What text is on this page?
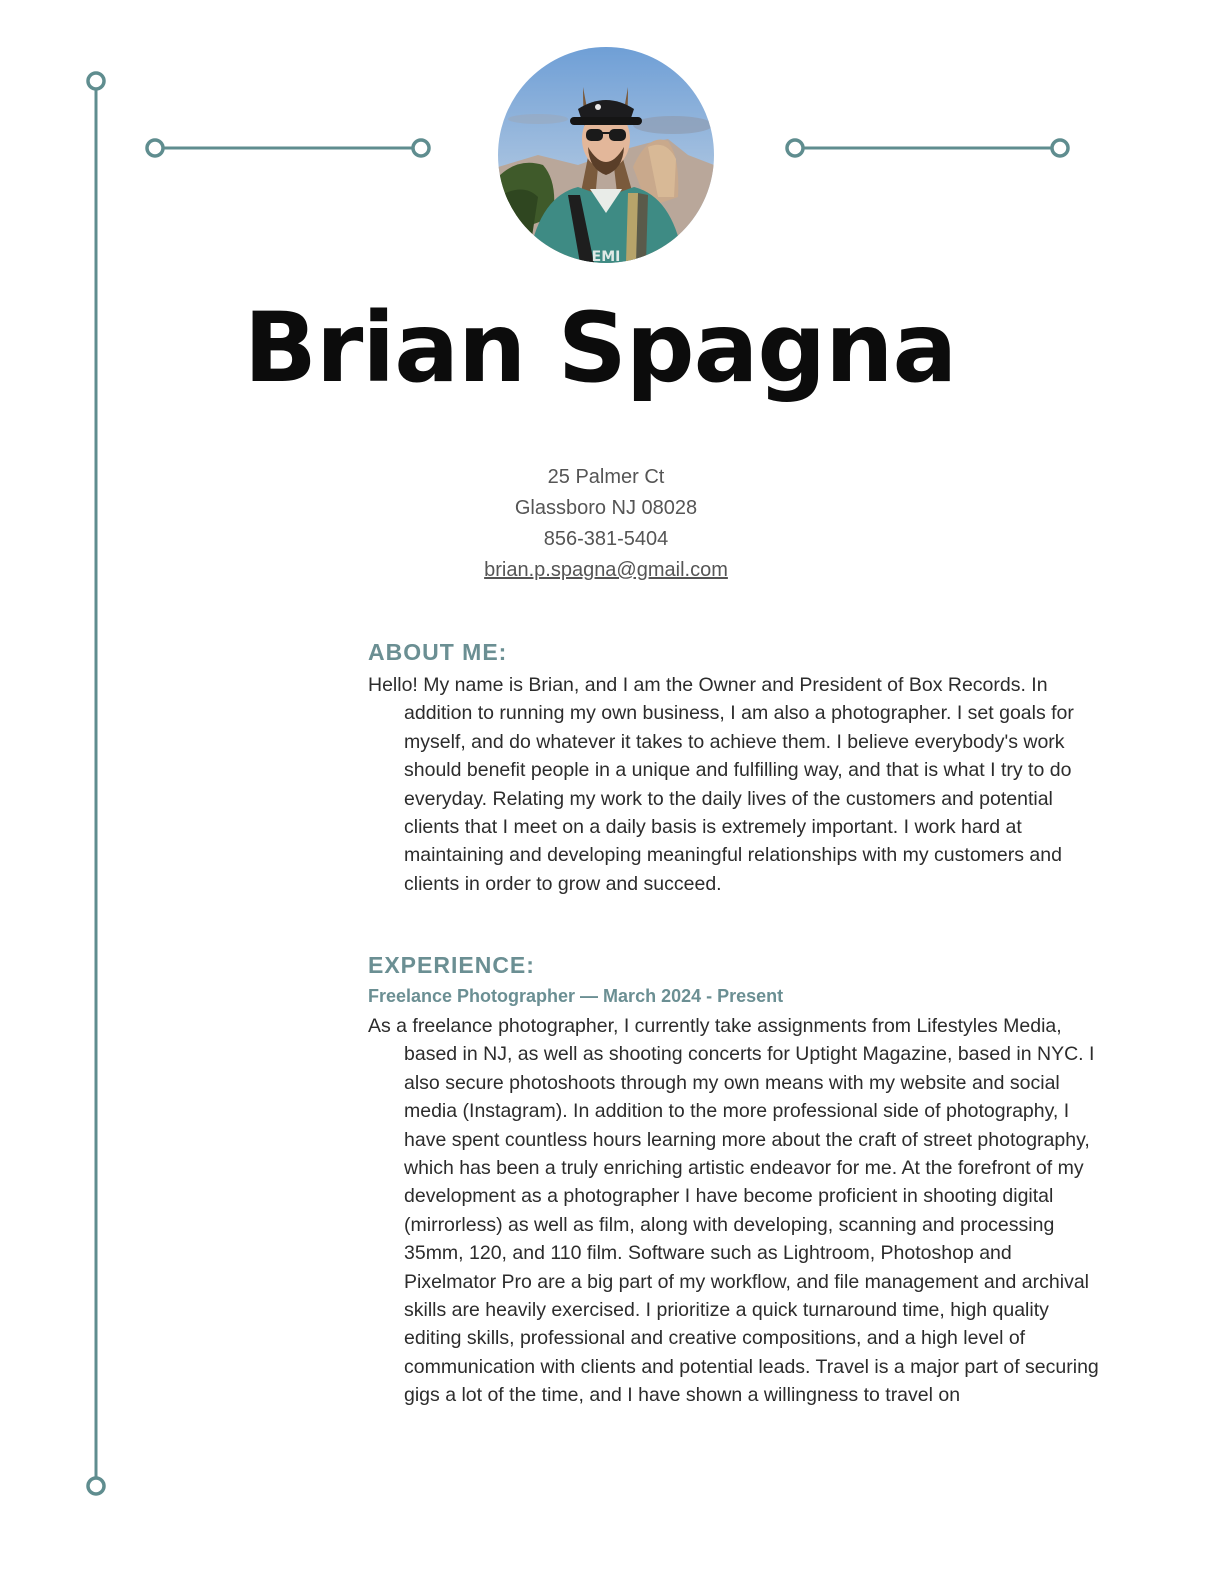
EMI
Brian Spagna
25 Palmer Ct
Glassboro NJ 08028
856-381-5404
brian.p.spagna@gmail.com
ABOUT ME:

Hello! My name is Brian, and I am the Owner and President of Box Records. In addition to running my own business, I am also a photographer. I set goals for myself, and do whatever it takes to achieve them. I believe everybody's work should benefit people in a unique and fulfilling way, and that is what I try to do everyday. Relating my work to the daily lives of the customers and potential clients that I meet on a daily basis is extremely important. I work hard at maintaining and developing meaningful relationships with my customers and clients in order to grow and succeed.

EXPERIENCE:
Freelance Photographer — March 2024 - Present

As a freelance photographer, I currently take assignments from Lifestyles Media, based in NJ, as well as shooting concerts for Uptight Magazine, based in NYC. I also secure photoshoots through my own means with my website and social media (Instagram). In addition to the more professional side of photography, I have spent countless hours learning more about the craft of street photography, which has been a truly enriching artistic endeavor for me. At the forefront of my development as a photographer I have become proficient in shooting digital (mirrorless) as well as film, along with developing, scanning and processing 35mm, 120, and 110 film. Software such as Lightroom, Photoshop and Pixelmator Pro are a big part of my workflow, and file management and archival skills are heavily exercised. I prioritize a quick turnaround time, high quality editing skills, professional and creative compositions, and a high level of communication with clients and potential leads. Travel is a major part of securing gigs a lot of the time, and I have shown a willingness to travel on
